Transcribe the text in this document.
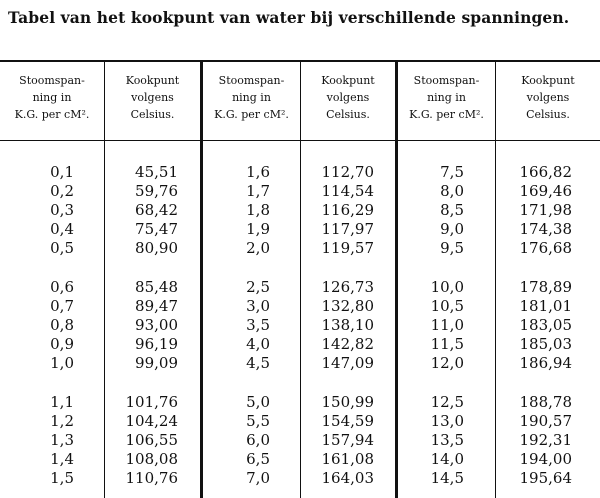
Tabel van het kookpunt van water bij verschillende spanningen.
Stoomspan-
ning in
K.G. per cM².
Kookpunt
volgens
Celsius.
Stoomspan-
ning in
K.G. per cM².
Kookpunt
volgens
Celsius.
Stoomspan-
ning in
K.G. per cM².
Kookpunt
volgens
Celsius.
0,1
0,2
0,3
0,4
0,5
0,6
0,7
0,8
0,9
1,0
1,1
1,2
1,3
1,4
1,5
45,51
59,76
68,42
75,47
80,90
85,48
89,47
93,00
96,19
99,09
101,76
104,24
106,55
108,08
110,76
1,6
1,7
1,8
1,9
2,0
2,5
3,0
3,5
4,0
4,5
5,0
5,5
6,0
6,5
7,0
112,70
114,54
116,29
117,97
119,57
126,73
132,80
138,10
142,82
147,09
150,99
154,59
157,94
161,08
164,03
7,5
8,0
8,5
9,0
9,5
10,0
10,5
11,0
11,5
12,0
12,5
13,0
13,5
14,0
14,5
166,82
169,46
171,98
174,38
176,68
178,89
181,01
183,05
185,03
186,94
188,78
190,57
192,31
194,00
195,64
